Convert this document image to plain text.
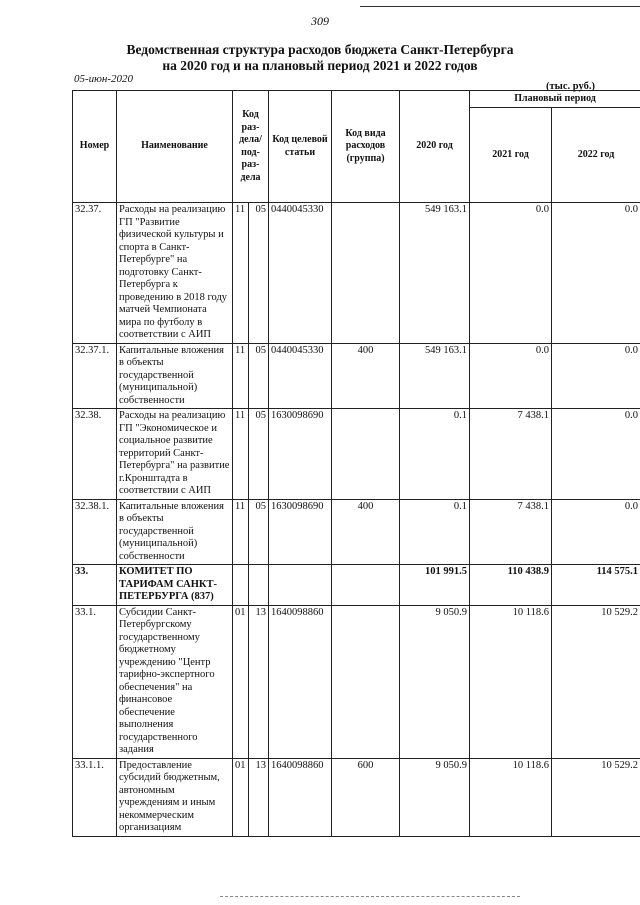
309
Ведомственная структура расходов бюджета Санкт-Петербурга
на 2020 год и на плановый период 2021 и 2022 годов
05-июн-2020
(тыс. руб.)
Номер	Наименование	Код раз- дела/ под- раз- дела		Код целевой статьи	Код вида расходов (группа)	2020 год	Плановый период	
							2021 год	2022 год
32.37.	Расходы на реализацию ГП "Развитие физической культуры и спорта в Санкт-Петербурге" на подготовку Санкт-Петербурга к проведению в 2018 году матчей Чемпионата мира по футболу в соответствии с АИП	11	05	0440045330		549 163.1	0.0	0.0
32.37.1.	Капитальные вложения в объекты государственной (муниципальной) собственности	11	05	0440045330	400	549 163.1	0.0	0.0
32.38.	Расходы на реализацию ГП "Экономическое и социальное развитие территорий Санкт-Петербурга" на развитие г.Кронштадта в соответствии с АИП	11	05	1630098690		0.1	7 438.1	0.0
32.38.1.	Капитальные вложения в объекты государственной (муниципальной) собственности	11	05	1630098690	400	0.1	7 438.1	0.0
33.	КОМИТЕТ ПО ТАРИФАМ САНКТ-ПЕТЕРБУРГА (837)					101 991.5	110 438.9	114 575.1
33.1.	Субсидии Санкт-Петербургскому государственному бюджетному учреждению "Центр тарифно-экспертного обеспечения" на финансовое обеспечение выполнения государственного задания	01	13	1640098860		9 050.9	10 118.6	10 529.2
33.1.1.	Предоставление субсидий бюджетным, автономным учреждениям и иным некоммерческим организациям	01	13	1640098860	600	9 050.9	10 118.6	10 529.2
